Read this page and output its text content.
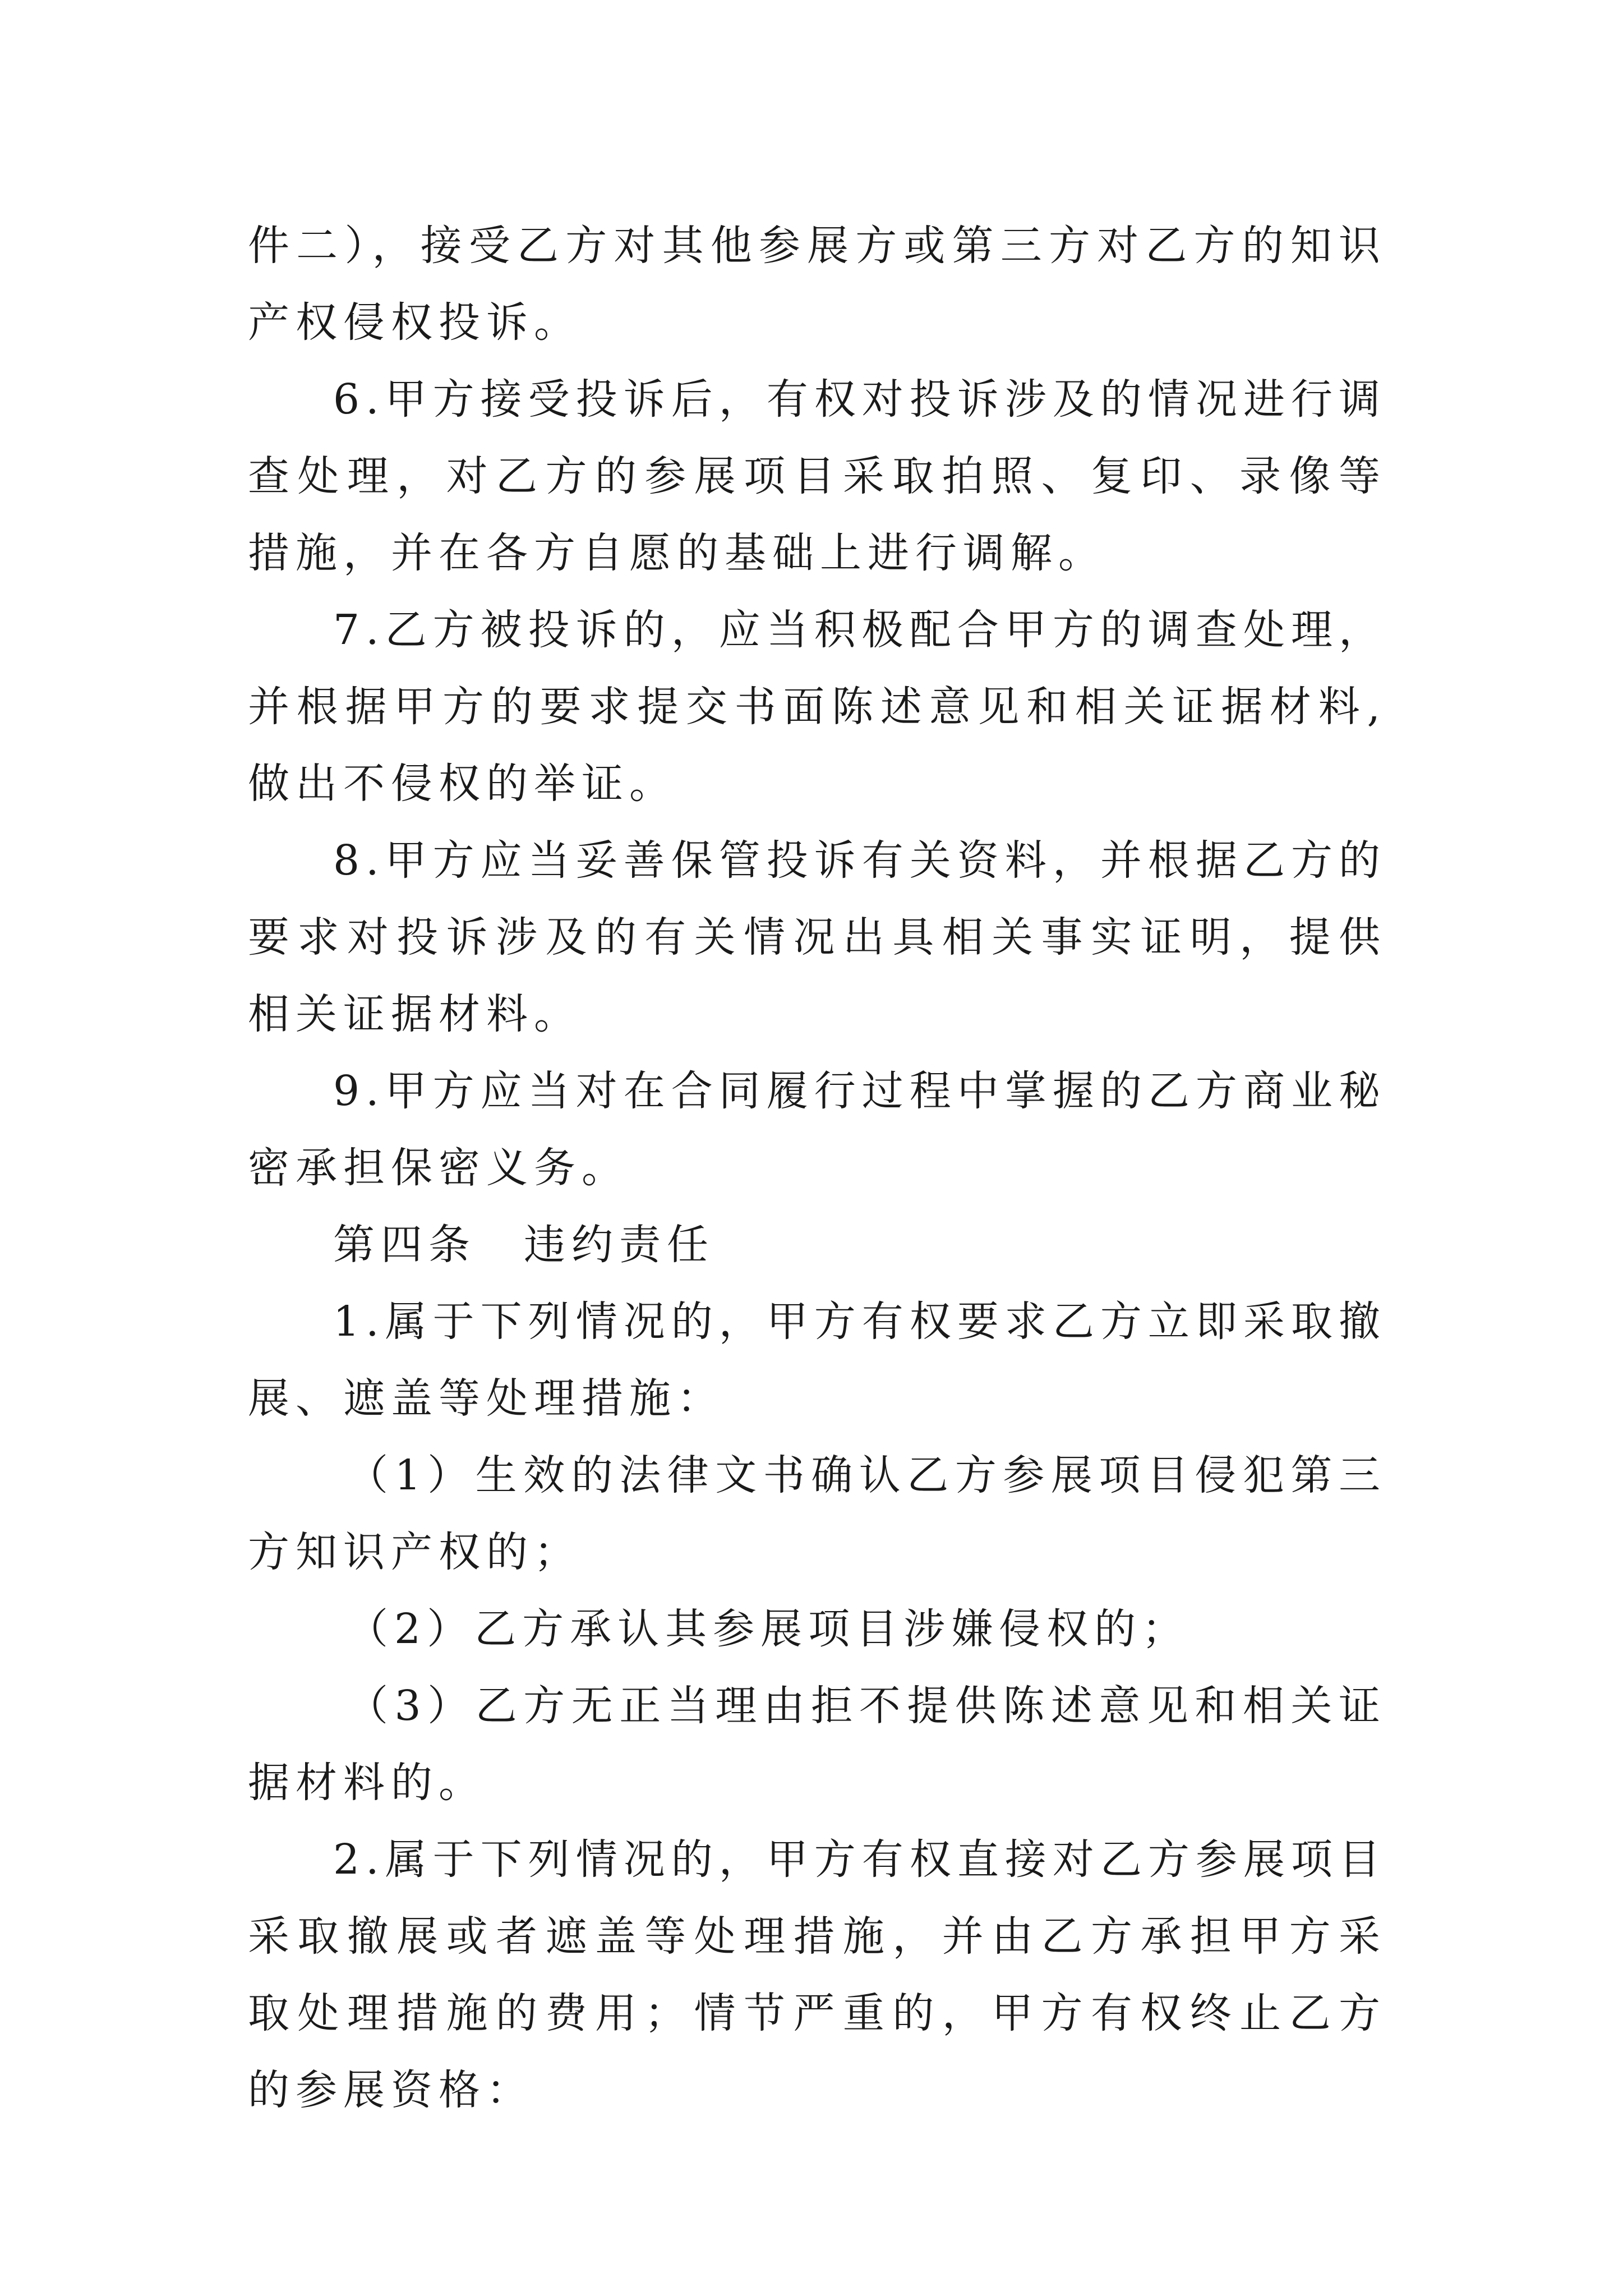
件二），接受乙方对其他参展方或第三方对乙方的知识产权侵权投诉。

6.甲方接受投诉后，有权对投诉涉及的情况进行调查处理，对乙方的参展项目采取拍照、复印、录像等措施，并在各方自愿的基础上进行调解。

7.乙方被投诉的，应当积极配合甲方的调查处理，并根据甲方的要求提交书面陈述意见和相关证据材料,做出不侵权的举证。

8.甲方应当妥善保管投诉有关资料，并根据乙方的要求对投诉涉及的有关情况出具相关事实证明，提供相关证据材料。

9.甲方应当对在合同履行过程中掌握的乙方商业秘密承担保密义务。

第四条　违约责任

1.属于下列情况的，甲方有权要求乙方立即采取撤展、遮盖等处理措施：

（1）生效的法律文书确认乙方参展项目侵犯第三方知识产权的；

（2）乙方承认其参展项目涉嫌侵权的；

（3）乙方无正当理由拒不提供陈述意见和相关证据材料的。

2.属于下列情况的，甲方有权直接对乙方参展项目采取撤展或者遮盖等处理措施，并由乙方承担甲方采取处理措施的费用；情节严重的，甲方有权终止乙方的参展资格：
